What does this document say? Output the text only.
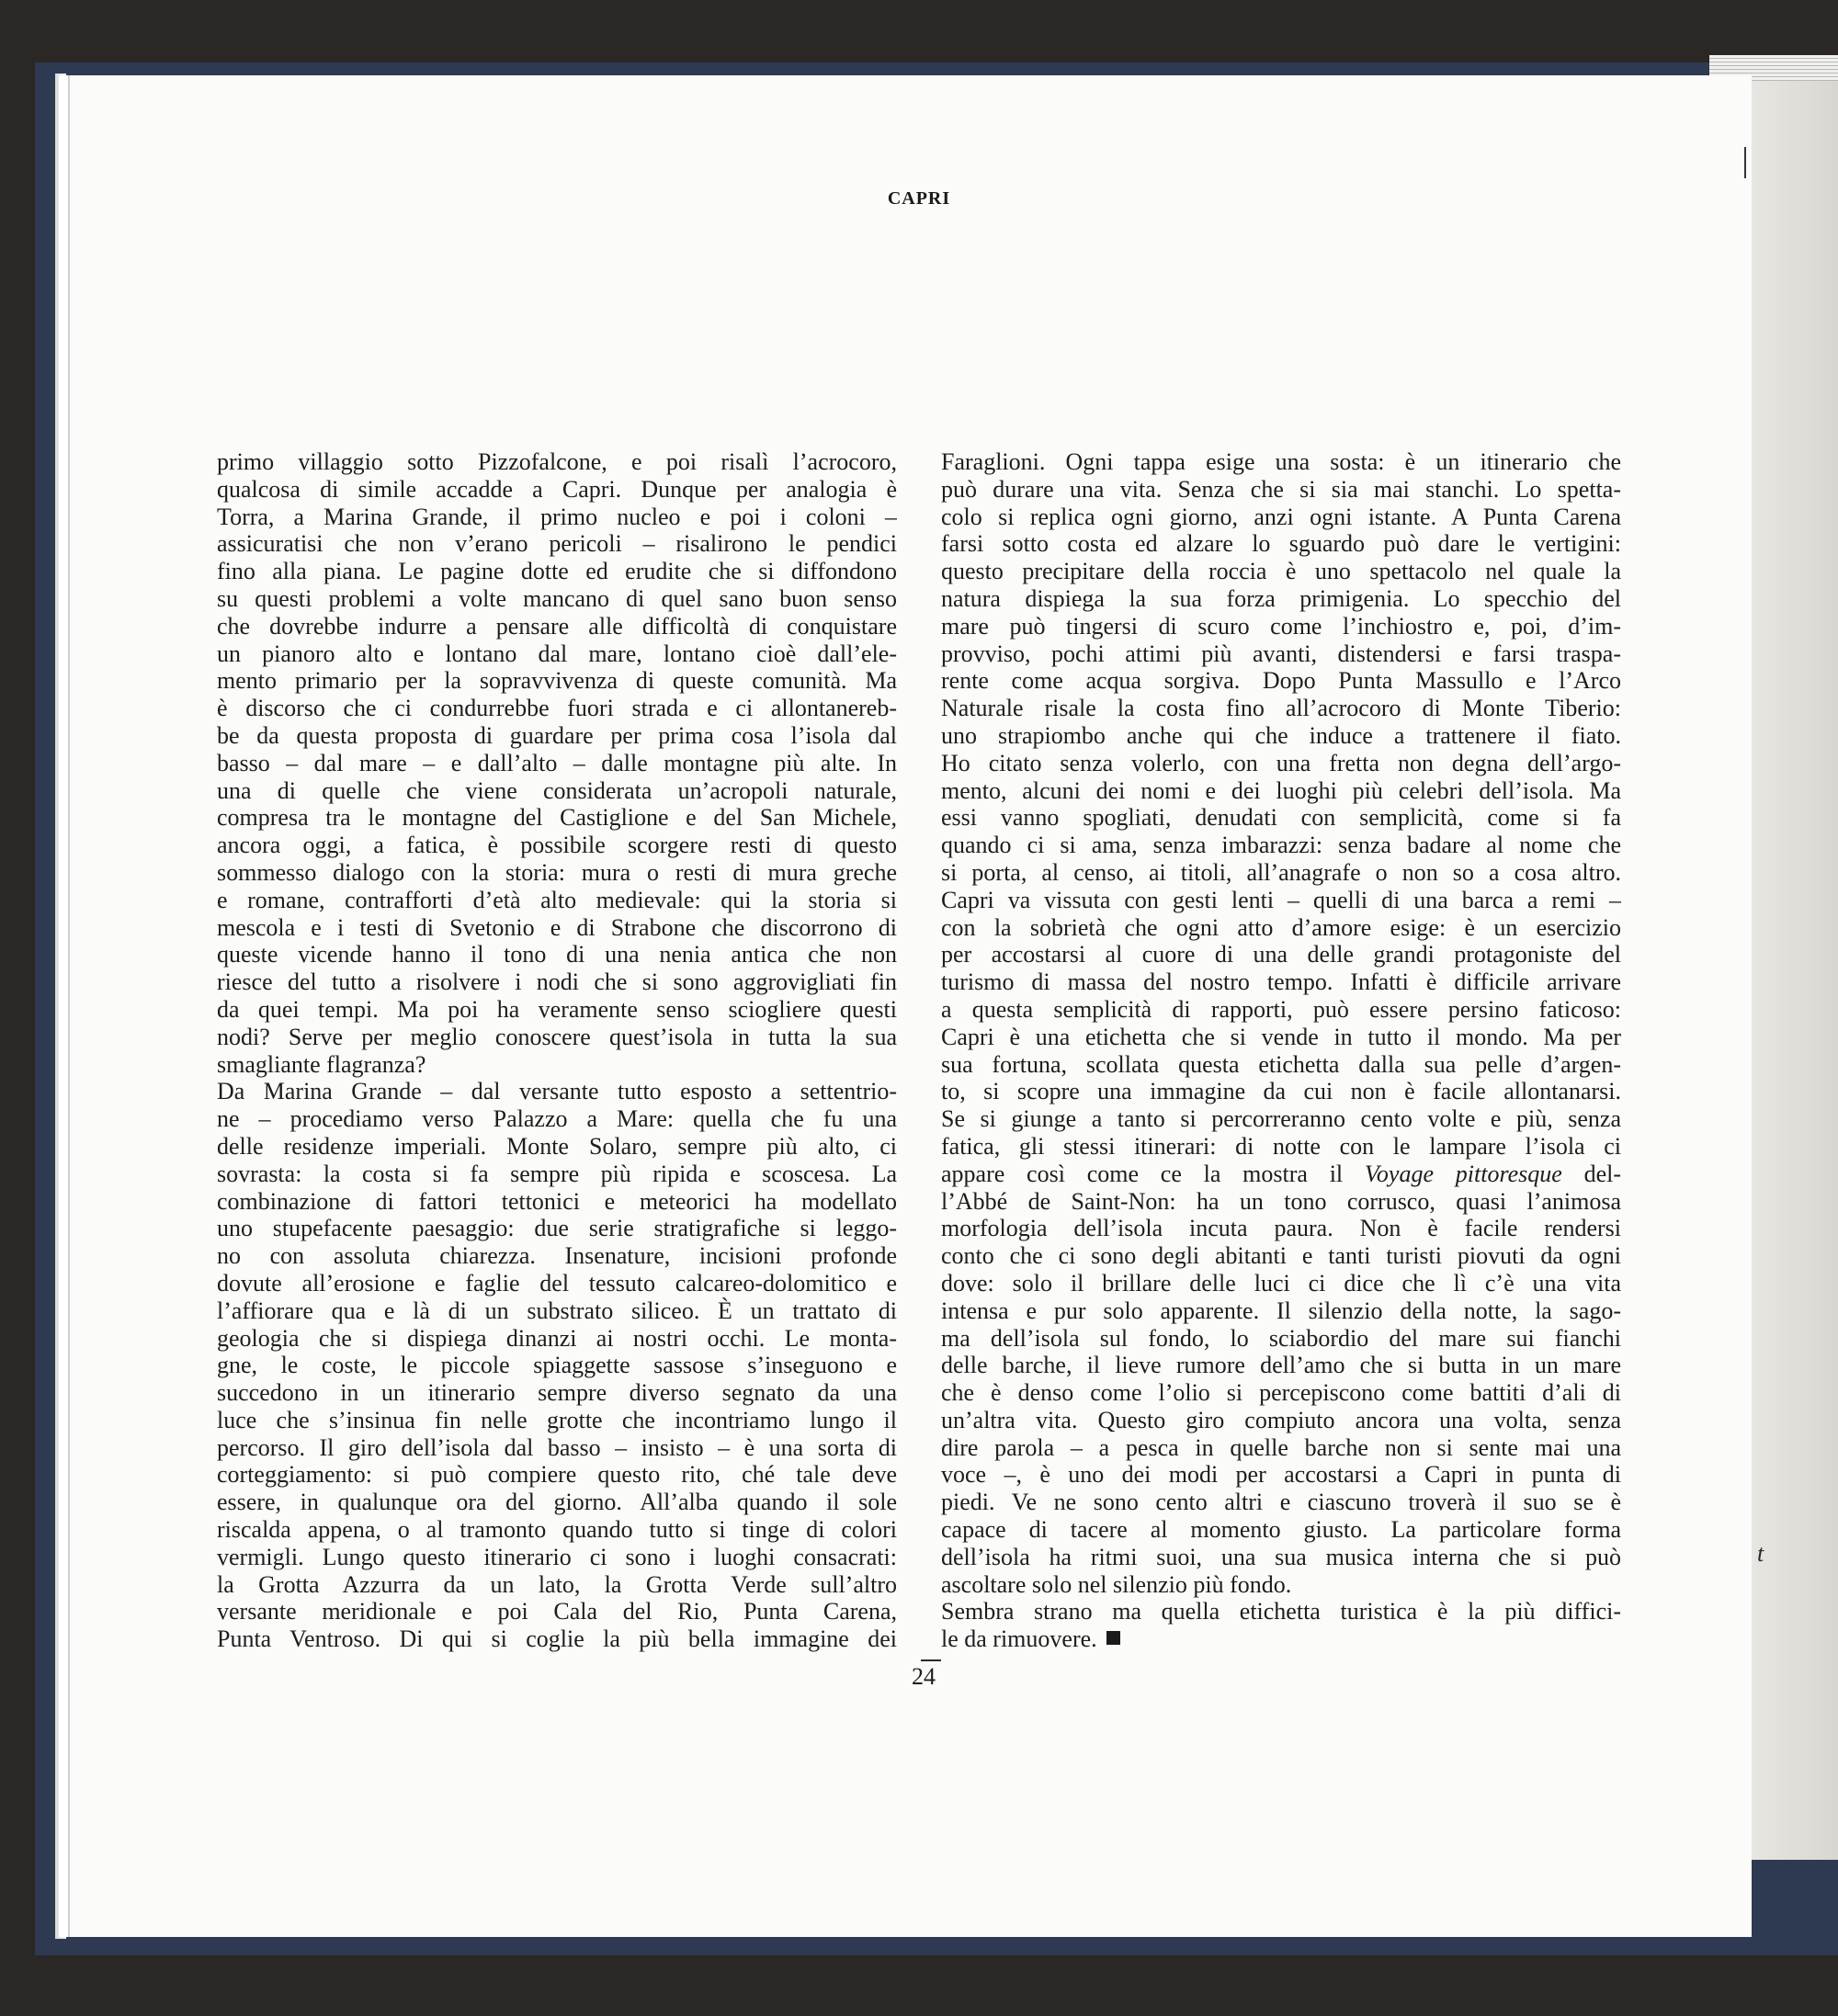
CAPRI

primo villaggio sotto Pizzofalcone, e poi risalì l’acrocoro,
qualcosa di simile accadde a Capri. Dunque per analogia è
Torra, a Marina Grande, il primo nucleo e poi i coloni –
assicuratisi che non v’erano pericoli – risalirono le pendici
fino alla piana. Le pagine dotte ed erudite che si diffondono
su questi problemi a volte mancano di quel sano buon senso
che dovrebbe indurre a pensare alle difficoltà di conquistare
un pianoro alto e lontano dal mare, lontano cioè dall’ele-
mento primario per la sopravvivenza di queste comunità. Ma
è discorso che ci condurrebbe fuori strada e ci allontanereb-
be da questa proposta di guardare per prima cosa l’isola dal
basso – dal mare – e dall’alto – dalle montagne più alte. In
una di quelle che viene considerata un’acropoli naturale,
compresa tra le montagne del Castiglione e del San Michele,
ancora oggi, a fatica, è possibile scorgere resti di questo
sommesso dialogo con la storia: mura o resti di mura greche
e romane, contrafforti d’età alto medievale: qui la storia si
mescola e i testi di Svetonio e di Strabone che discorrono di
queste vicende hanno il tono di una nenia antica che non
riesce del tutto a risolvere i nodi che si sono aggrovigliati fin
da quei tempi. Ma poi ha veramente senso sciogliere questi
nodi? Serve per meglio conoscere quest’isola in tutta la sua
smagliante flagranza?
Da Marina Grande – dal versante tutto esposto a settentrio-
ne – procediamo verso Palazzo a Mare: quella che fu una
delle residenze imperiali. Monte Solaro, sempre più alto, ci
sovrasta: la costa si fa sempre più ripida e scoscesa. La
combinazione di fattori tettonici e meteorici ha modellato
uno stupefacente paesaggio: due serie stratigrafiche si leggo-
no con assoluta chiarezza. Insenature, incisioni profonde
dovute all’erosione e faglie del tessuto calcareo-dolomitico e
l’affiorare qua e là di un substrato siliceo. È un trattato di
geologia che si dispiega dinanzi ai nostri occhi. Le monta-
gne, le coste, le piccole spiaggette sassose s’inseguono e
succedono in un itinerario sempre diverso segnato da una
luce che s’insinua fin nelle grotte che incontriamo lungo il
percorso. Il giro dell’isola dal basso – insisto – è una sorta di
corteggiamento: si può compiere questo rito, ché tale deve
essere, in qualunque ora del giorno. All’alba quando il sole
riscalda appena, o al tramonto quando tutto si tinge di colori
vermigli. Lungo questo itinerario ci sono i luoghi consacrati:
la Grotta Azzurra da un lato, la Grotta Verde sull’altro
versante meridionale e poi Cala del Rio, Punta Carena,
Punta Ventroso. Di qui si coglie la più bella immagine dei
Faraglioni. Ogni tappa esige una sosta: è un itinerario che
può durare una vita. Senza che si sia mai stanchi. Lo spetta-
colo si replica ogni giorno, anzi ogni istante. A Punta Carena
farsi sotto costa ed alzare lo sguardo può dare le vertigini:
questo precipitare della roccia è uno spettacolo nel quale la
natura dispiega la sua forza primigenia. Lo specchio del
mare può tingersi di scuro come l’inchiostro e, poi, d’im-
provviso, pochi attimi più avanti, distendersi e farsi traspa-
rente come acqua sorgiva. Dopo Punta Massullo e l’Arco
Naturale risale la costa fino all’acrocoro di Monte Tiberio:
uno strapiombo anche qui che induce a trattenere il fiato.
Ho citato senza volerlo, con una fretta non degna dell’argo-
mento, alcuni dei nomi e dei luoghi più celebri dell’isola. Ma
essi vanno spogliati, denudati con semplicità, come si fa
quando ci si ama, senza imbarazzi: senza badare al nome che
si porta, al censo, ai titoli, all’anagrafe o non so a cosa altro.
Capri va vissuta con gesti lenti – quelli di una barca a remi –
con la sobrietà che ogni atto d’amore esige: è un esercizio
per accostarsi al cuore di una delle grandi protagoniste del
turismo di massa del nostro tempo. Infatti è difficile arrivare
a questa semplicità di rapporti, può essere persino faticoso:
Capri è una etichetta che si vende in tutto il mondo. Ma per
sua fortuna, scollata questa etichetta dalla sua pelle d’argen-
to, si scopre una immagine da cui non è facile allontanarsi.
Se si giunge a tanto si percorreranno cento volte e più, senza
fatica, gli stessi itinerari: di notte con le lampare l’isola ci
appare così come ce la mostra il Voyage pittoresque del-
l’Abbé de Saint-Non: ha un tono corrusco, quasi l’animosa
morfologia dell’isola incuta paura. Non è facile rendersi
conto che ci sono degli abitanti e tanti turisti piovuti da ogni
dove: solo il brillare delle luci ci dice che lì c’è una vita
intensa e pur solo apparente. Il silenzio della notte, la sago-
ma dell’isola sul fondo, lo sciabordio del mare sui fianchi
delle barche, il lieve rumore dell’amo che si butta in un mare
che è denso come l’olio si percepiscono come battiti d’ali di
un’altra vita. Questo giro compiuto ancora una volta, senza
dire parola – a pesca in quelle barche non si sente mai una
voce –, è uno dei modi per accostarsi a Capri in punta di
piedi. Ve ne sono cento altri e ciascuno troverà il suo se è
capace di tacere al momento giusto. La particolare forma
dell’isola ha ritmi suoi, una sua musica interna che si può
ascoltare solo nel silenzio più fondo.
Sembra strano ma quella etichetta turistica è la più diffici-
le da rimuovere.

24

t
